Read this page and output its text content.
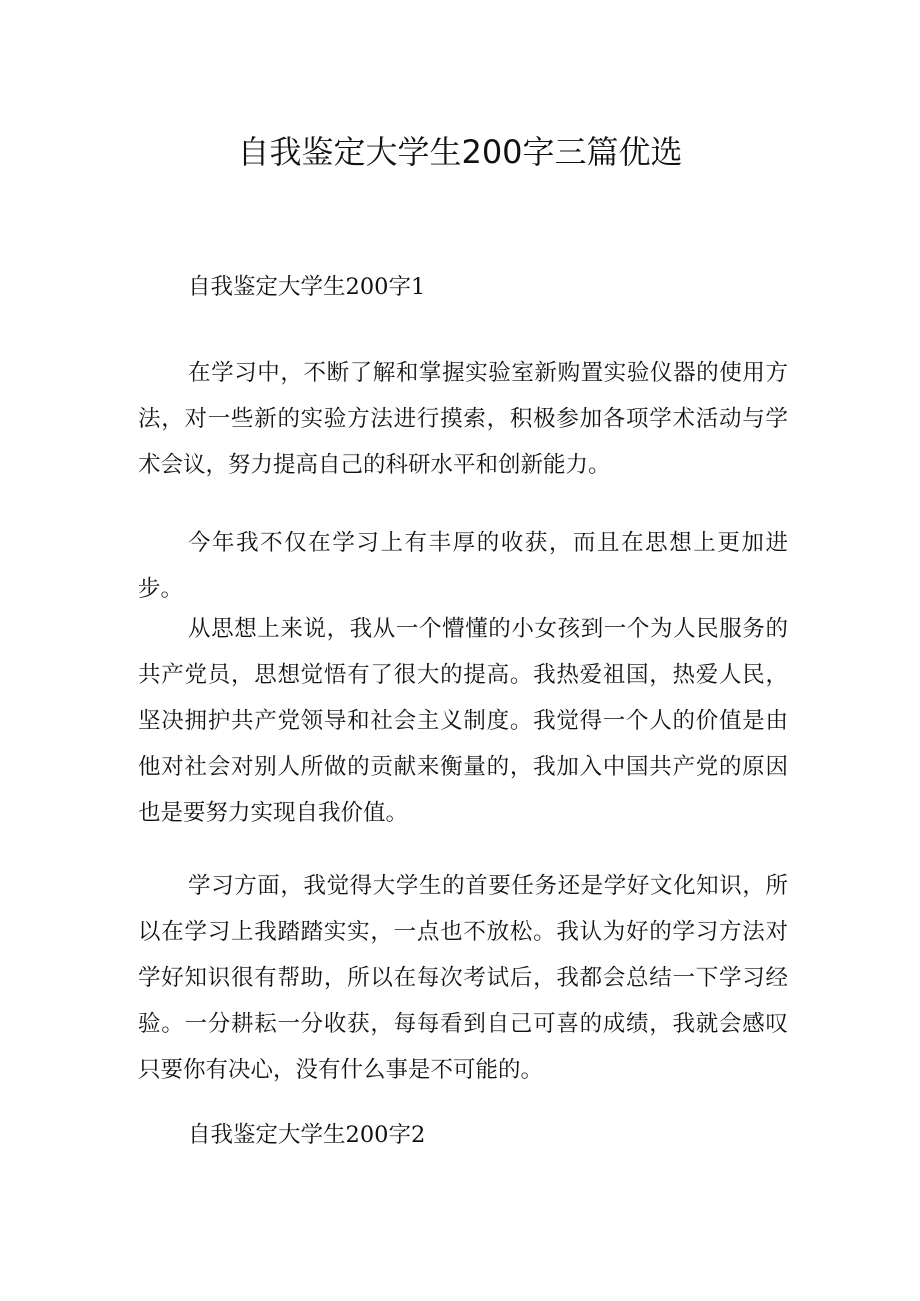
自我鉴定大学生200字三篇优选
自我鉴定大学生200字1

在学习中，不断了解和掌握实验室新购置实验仪器的使用方法，对一些新的实验方法进行摸索，积极参加各项学术活动与学术会议，努力提高自己的科研水平和创新能力。

今年我不仅在学习上有丰厚的收获，而且在思想上更加进步。

从思想上来说，我从一个懵懂的小女孩到一个为人民服务的共产党员，思想觉悟有了很大的提高。我热爱祖国，热爱人民，坚决拥护共产党领导和社会主义制度。我觉得一个人的价值是由他对社会对别人所做的贡献来衡量的，我加入中国共产党的原因也是要努力实现自我价值。

学习方面，我觉得大学生的首要任务还是学好文化知识，所以在学习上我踏踏实实，一点也不放松。我认为好的学习方法对学好知识很有帮助，所以在每次考试后，我都会总结一下学习经验。一分耕耘一分收获，每每看到自己可喜的成绩，我就会感叹只要你有决心，没有什么事是不可能的。

自我鉴定大学生200字2
